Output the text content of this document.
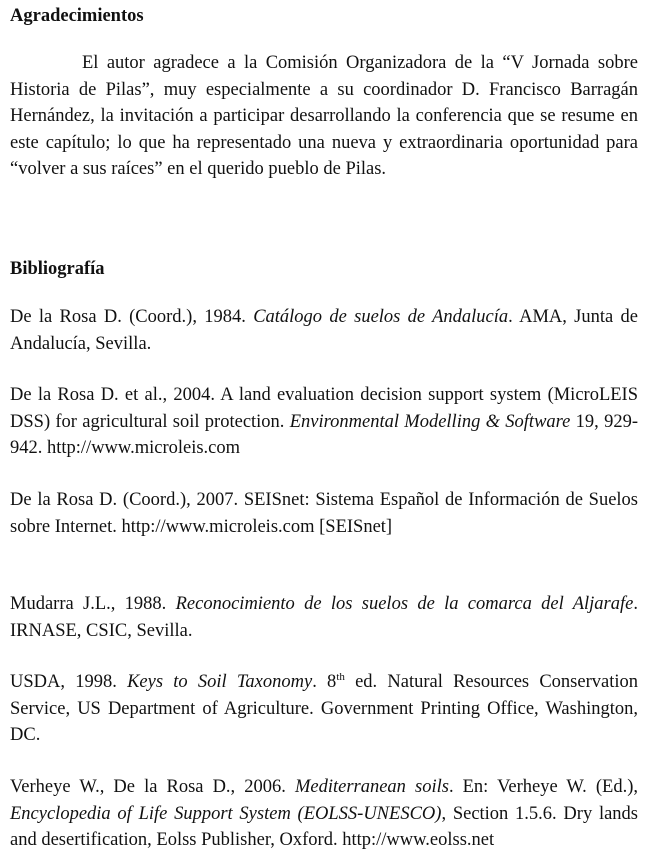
Agradecimientos

El autor agradece a la Comisión Organizadora de la “V Jornada sobre Historia de Pilas”, muy especialmente a su coordinador D. Francisco Barragán Hernández, la invitación a participar desarrollando la conferencia que se resume en este capítulo; lo que ha representado una nueva y extraordinaria oportunidad para “volver a sus raíces” en el querido pueblo de Pilas.

Bibliografía

De la Rosa D. (Coord.), 1984. Catálogo de suelos de Andalucía. AMA, Junta de Andalucía, Sevilla.

De la Rosa D. et al., 2004. A land evaluation decision support system (MicroLEIS DSS) for agricultural soil protection. Environmental Modelling & Software 19, 929-942. http://www.microleis.com

De la Rosa D. (Coord.), 2007. SEISnet: Sistema Español de Información de Suelos sobre Internet. http://www.microleis.com [SEISnet]

Mudarra J.L., 1988. Reconocimiento de los suelos de la comarca del Aljarafe. IRNASE, CSIC, Sevilla.

USDA, 1998. Keys to Soil Taxonomy. 8th ed. Natural Resources Conservation Service, US Department of Agriculture. Government Printing Office, Washington, DC.

Verheye W., De la Rosa D., 2006. Mediterranean soils. En: Verheye W. (Ed.), Encyclopedia of Life Support System (EOLSS-UNESCO), Section 1.5.6. Dry lands and desertification, Eolss Publisher, Oxford. http://www.eolss.net
